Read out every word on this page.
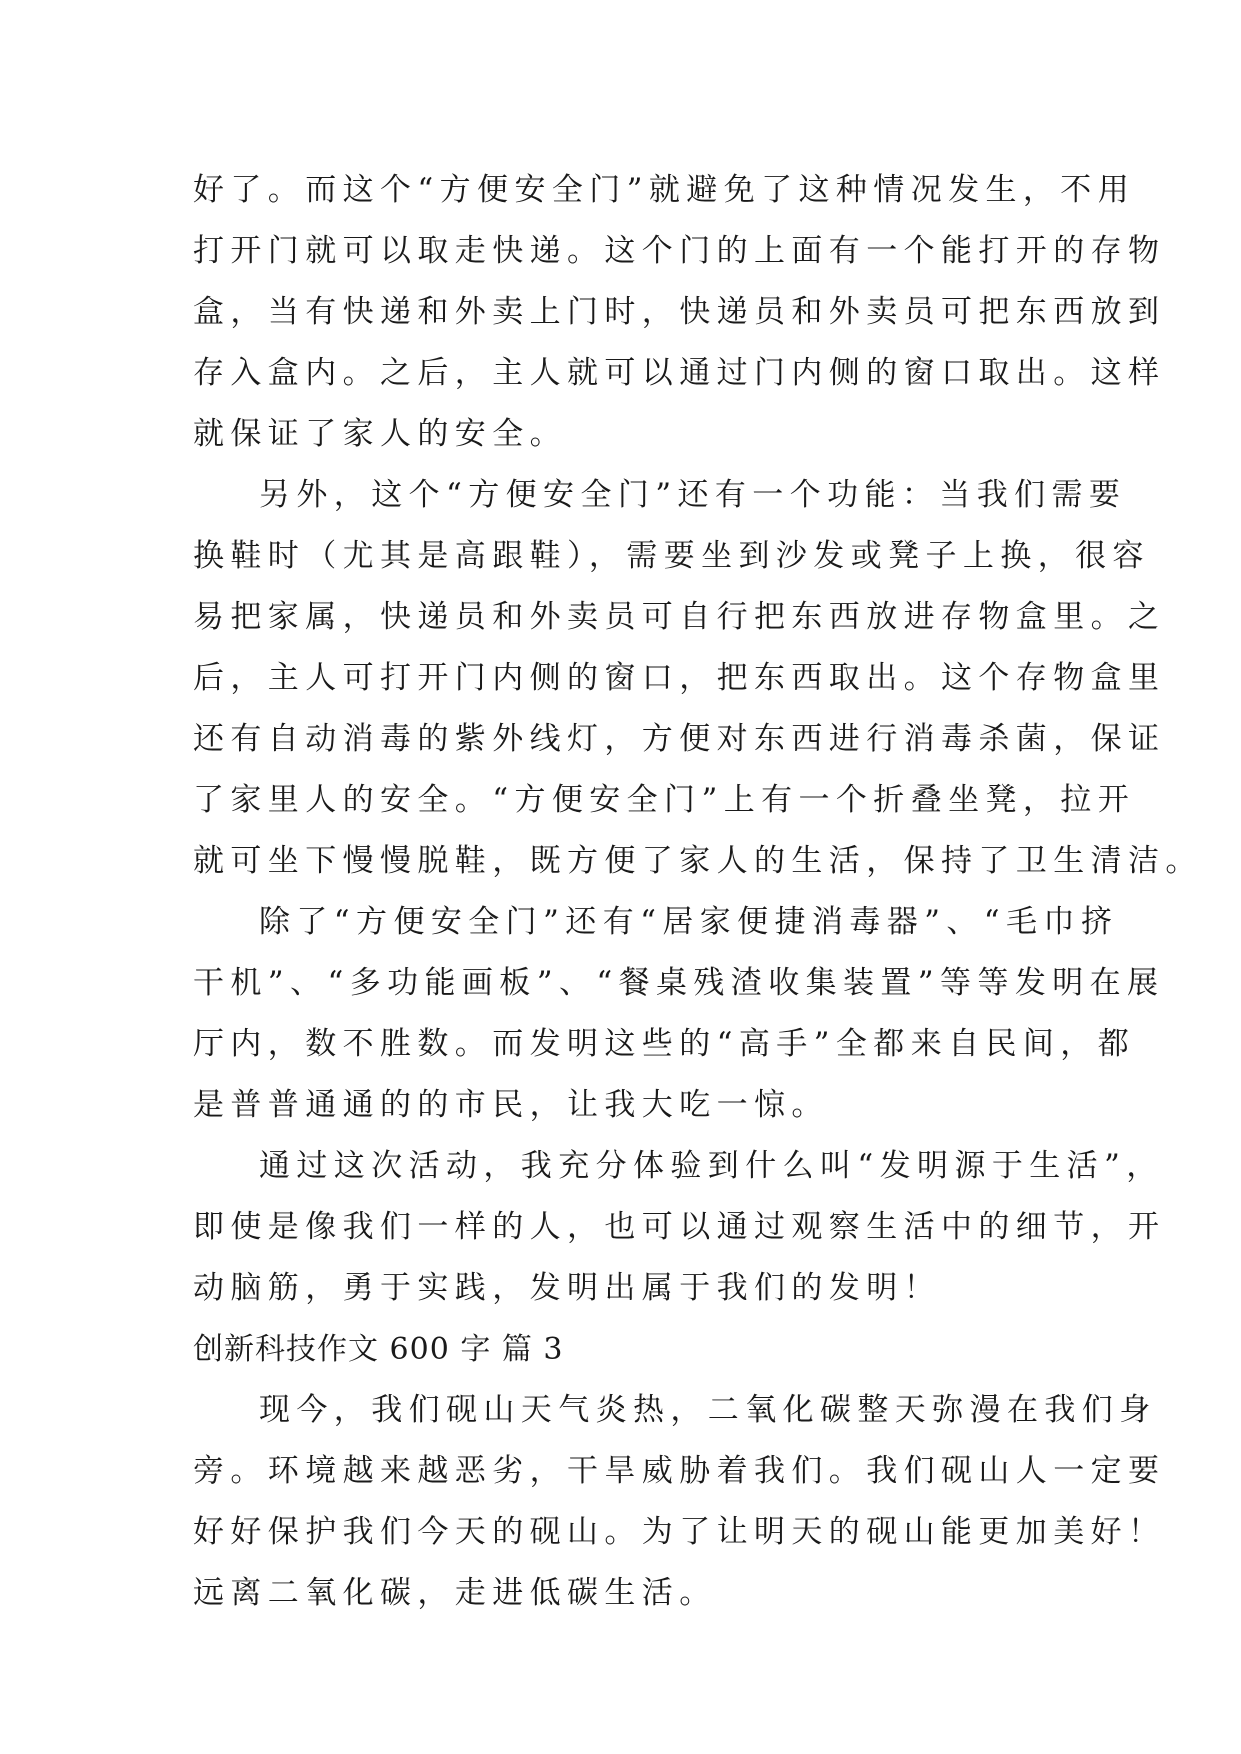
好了。而这个“方便安全门”就避免了这种情况发生，不用
打开门就可以取走快递。这个门的上面有一个能打开的存物
盒，当有快递和外卖上门时，快递员和外卖员可把东西放到
存入盒内。之后，主人就可以通过门内侧的窗口取出。这样
就保证了家人的安全。
另外，这个“方便安全门”还有一个功能：当我们需要
换鞋时（尤其是高跟鞋），需要坐到沙发或凳子上换，很容
易把家属，快递员和外卖员可自行把东西放进存物盒里。之
后，主人可打开门内侧的窗口，把东西取出。这个存物盒里
还有自动消毒的紫外线灯，方便对东西进行消毒杀菌，保证
了家里人的安全。“方便安全门”上有一个折叠坐凳，拉开
就可坐下慢慢脱鞋，既方便了家人的生活，保持了卫生清洁。
除了“方便安全门”还有“居家便捷消毒器”、“毛巾挤
干机”、“多功能画板”、“餐桌残渣收集装置”等等发明在展
厅内，数不胜数。而发明这些的“高手”全都来自民间，都
是普普通通的的市民，让我大吃一惊。
通过这次活动，我充分体验到什么叫“发明源于生活”，
即使是像我们一样的人，也可以通过观察生活中的细节，开
动脑筋，勇于实践，发明出属于我们的发明！
创新科技作文 600 字 篇 3
现今，我们砚山天气炎热，二氧化碳整天弥漫在我们身
旁。环境越来越恶劣，干旱威胁着我们。我们砚山人一定要
好好保护我们今天的砚山。为了让明天的砚山能更加美好！
远离二氧化碳，走进低碳生活。
